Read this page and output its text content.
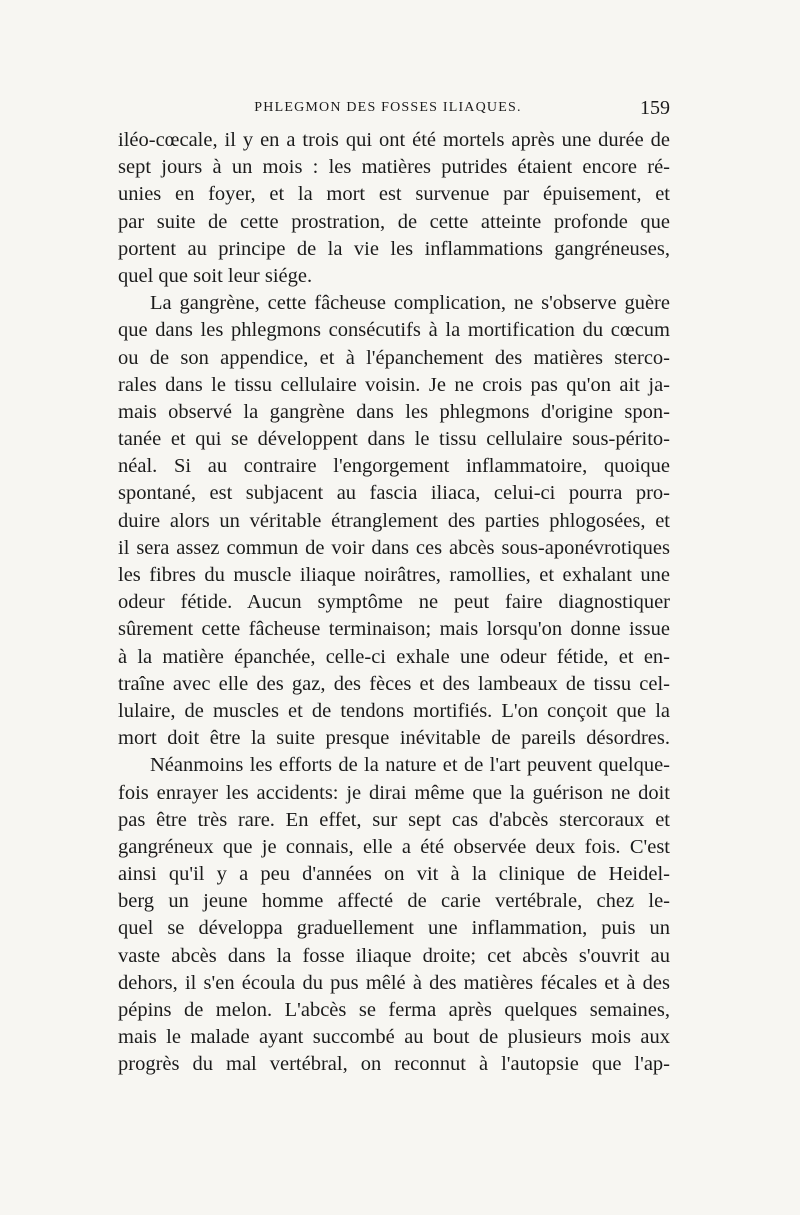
PHLEGMON DES FOSSES ILIAQUES.	159
iléo-cœcale, il y en a trois qui ont été mortels après une durée de
sept jours à un mois : les matières putrides étaient encore ré-
unies en foyer, et la mort est survenue par épuisement, et
par suite de cette prostration, de cette atteinte profonde que
portent au principe de la vie les inflammations gangréneuses,
quel que soit leur siége.
La gangrène, cette fâcheuse complication, ne s'observe guère
que dans les phlegmons consécutifs à la mortification du cœcum
ou de son appendice, et à l'épanchement des matières sterco-
rales dans le tissu cellulaire voisin. Je ne crois pas qu'on ait ja-
mais observé la gangrène dans les phlegmons d'origine spon-
tanée et qui se développent dans le tissu cellulaire sous-périto-
néal. Si au contraire l'engorgement inflammatoire, quoique
spontané, est subjacent au fascia iliaca, celui-ci pourra pro-
duire alors un véritable étranglement des parties phlogosées, et
il sera assez commun de voir dans ces abcès sous-aponévrotiques
les fibres du muscle iliaque noirâtres, ramollies, et exhalant une
odeur fétide. Aucun symptôme ne peut faire diagnostiquer
sûrement cette fâcheuse terminaison; mais lorsqu'on donne issue
à la matière épanchée, celle-ci exhale une odeur fétide, et en-
traîne avec elle des gaz, des fèces et des lambeaux de tissu cel-
lulaire, de muscles et de tendons mortifiés. L'on conçoit que la
mort doit être la suite presque inévitable de pareils désordres.
Néanmoins les efforts de la nature et de l'art peuvent quelque-
fois enrayer les accidents: je dirai même que la guérison ne doit
pas être très rare. En effet, sur sept cas d'abcès stercoraux et
gangréneux que je connais, elle a été observée deux fois. C'est
ainsi qu'il y a peu d'années on vit à la clinique de Heidel-
berg un jeune homme affecté de carie vertébrale, chez le-
quel se développa graduellement une inflammation, puis un
vaste abcès dans la fosse iliaque droite; cet abcès s'ouvrit au
dehors, il s'en écoula du pus mêlé à des matières fécales et à des
pépins de melon. L'abcès se ferma après quelques semaines,
mais le malade ayant succombé au bout de plusieurs mois aux
progrès du mal vertébral, on reconnut à l'autopsie que l'ap-
